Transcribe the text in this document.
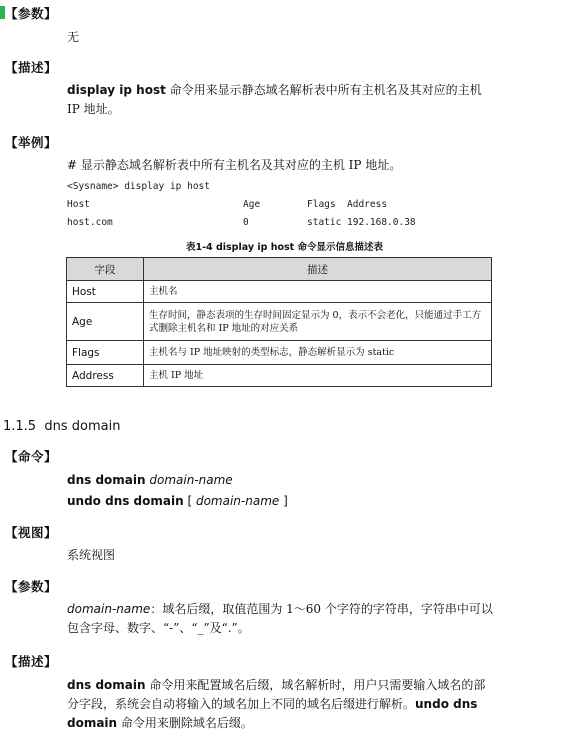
【参数】
无
【描述】
display ip host 命令用来显示静态域名解析表中所有主机名及其对应的主机 IP 地址。
【举例】
# 显示静态域名解析表中所有主机名及其对应的主机 IP 地址。
<Sysname> display ip host
Host	Age	Flags Address
host.com	0	static 192.168.0.38
表1-4 display ip host 命令显示信息描述表
字段	描述
Host	主机名
Age	生存时间，静态表项的生存时间固定显示为 0，表示不会老化，只能通过手工方式删除主机名和 IP 地址的对应关系
Flags	主机名与 IP 地址映射的类型标志，静态解析显示为 static
Address	主机 IP 地址
1.1.5 dns domain
【命令】
dns domain domain-name
undo dns domain [ domain-name ]
【视图】
系统视图
【参数】
domain-name：域名后缀，取值范围为 1～60 个字符的字符串，字符串中可以包含字母、数字、“-”、“_”及“.”。
【描述】
dns domain 命令用来配置域名后缀，域名解析时，用户只需要输入域名的部分字段，系统会自动将输入的域名加上不同的域名后缀进行解析。undo dns domain 命令用来删除域名后缀。
